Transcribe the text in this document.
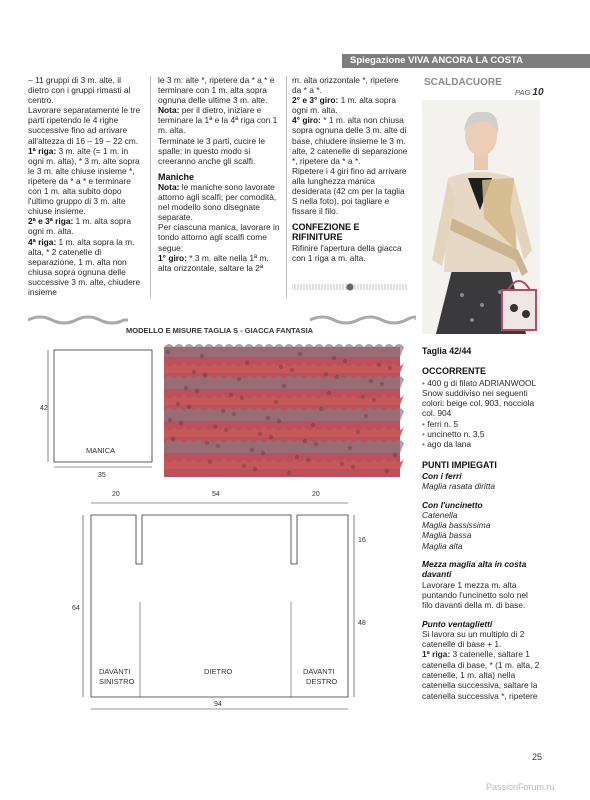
Spiegazione VIVA ANCORA LA COSTA

– 11 gruppi di 3 m. alte, il dietro con i gruppi rimasti al centro.

Lavorare separatamente le tre parti ripetendo le 4 righe successive fino ad arrivare all'altezza di 16 – 19 – 22 cm.

1ª riga: 3 m. alte (= 1 m. in ogni m. alta), * 3 m. alte sopra le 3 m. alte chiuse insieme *, ripetere da * a * e terminare con 1 m. alta subito dopo l'ultimo gruppo di 3 m. alte chiuse insieme.

2ª e 3ª riga: 1 m. alta sopra ogni m. alta.

4ª riga: 1 m. alta sopra la m. alta, * 2 catenelle di separazione, 1 m. alta non chiusa sopra ognuna delle successive 3 m. alte, chiudere insieme

le 3 m. alte *, ripetere da * a * e terminare con 1 m. alta sopra ognuna delle ultime 3 m. alte.

Nota: per il dietro, iniziare e terminare la 1ª e la 4ª riga con 1 m. alta.

Terminate le 3 parti, cucire le spalle: in questo modo si creeranno anche gli scalfi.

Maniche

Nota: le maniche sono lavorate attorno agli scalfi; per comodità, nel modello sono disegnate separate.

Per ciascuna manica, lavorare in tondo attorno agli scalfi come segue:

1° giro: * 3 m. alte nella 1ª m. alta orizzontale, saltare la 2ª

m. alta orizzontale *, ripetere da * a *.

2° e 3° giro: 1 m. alta sopra ogni m. alta.

4° giro: * 1 m. alta non chiusa sopra ognuna delle 3 m. alte di base, chiudere insieme le 3 m. alte, 2 catenelle di separazione *, ripetere da * a *.

Ripetere i 4 giri fino ad arrivare alla lunghezza manica desiderata (42 cm per la taglia S nella foto), poi tagliare e fissare il filo.

CONFEZIONE E RIFINITURE

Rifinire l'apertura della giacca con 1 riga a m. alta.

SCALDACUORE
PAG 10
Taglia 42/44
OCCORRENTE
• 400 g di filato ADRIANWOOL Snow suddiviso nei seguenti colori: beige col. 903, nocciola col. 904
• ferri n. 5
• uncinetto n. 3,5
• ago da lana
PUNTI IMPIEGATI
Con i ferri
Maglia rasata diritta
Con l'uncinetto
Catenella
Maglia bassissima
Maglia bassa
Maglia alta
Mezza maglia alta in costa davanti
Lavorare 1 mezza m. alta puntando l'uncinetto solo nel filo davanti della m. di base.
Punto ventaglietti
Si lavora su un multiplo di 2 catenelle di base + 1.
1ª riga: 3 catenelle, saltare 1 catenella di base, * (1 m. alta, 2 catenelle, 1 m. alta) nella catenella successiva, saltare la catenella successiva *, ripetere
MODELLO E MISURE TAGLIA S - GIACCA FANTASIA
MANICA
42
35
20	54	20
64
16
48
DAVANTI
SINISTRO
DIETRO	DAVANTI
DESTRO
94
25
PassionForum.ru
